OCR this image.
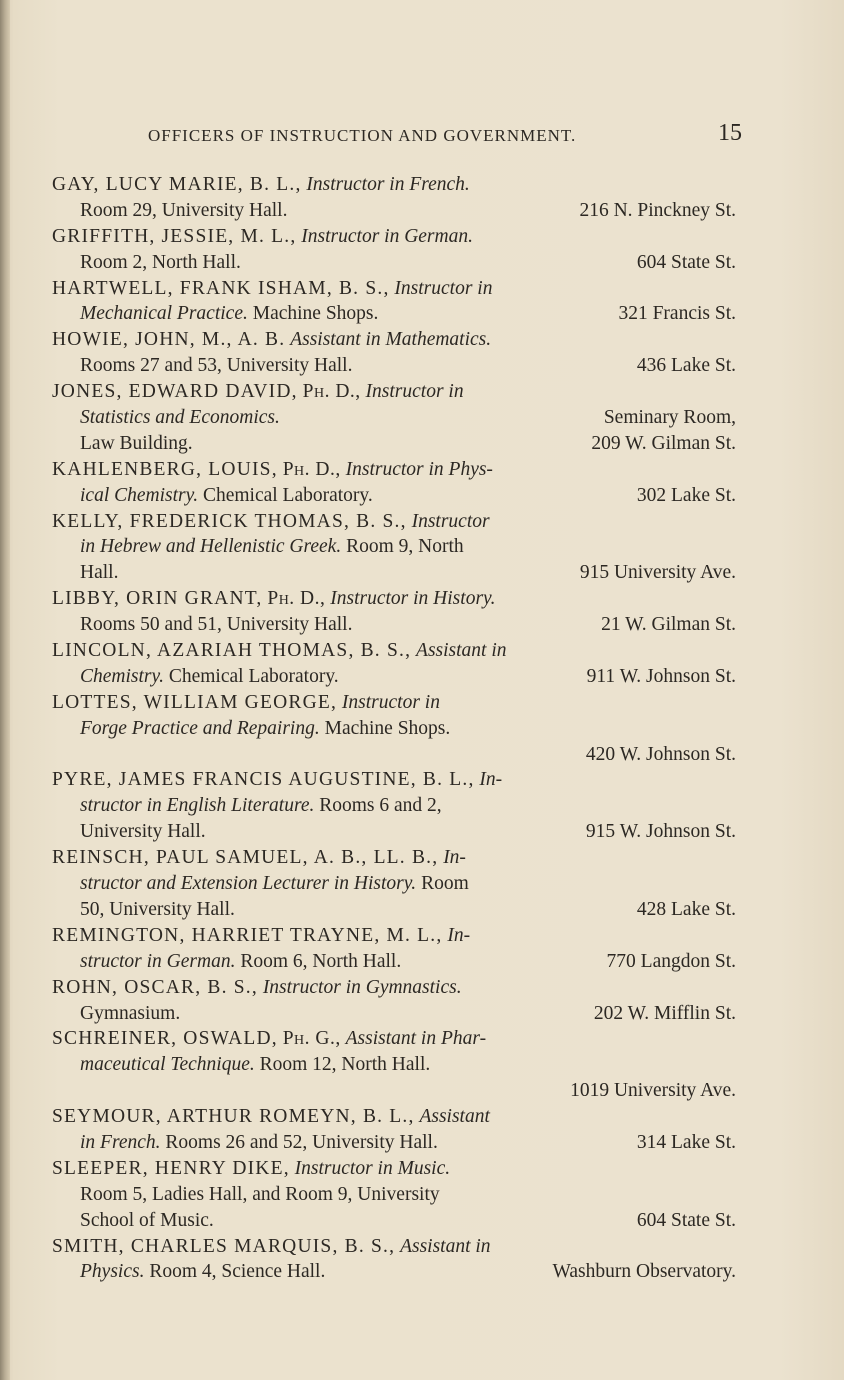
OFFICERS OF INSTRUCTION AND GOVERNMENT.	15
GAY, LUCY MARIE, B. L., Instructor in French.
Room 29, University Hall.	216 N. Pinckney St.
GRIFFITH, JESSIE, M. L., Instructor in German.
Room 2, North Hall.	604 State St.
HARTWELL, FRANK ISHAM, B. S., Instructor in
Mechanical Practice. Machine Shops.	321 Francis St.
HOWIE, JOHN, M., A. B. Assistant in Mathematics.
Rooms 27 and 53, University Hall.	436 Lake St.
JONES, EDWARD DAVID, Ph. D., Instructor in
Statistics and Economics.	Seminary Room,
Law Building.	209 W. Gilman St.
KAHLENBERG, LOUIS, Ph. D., Instructor in Phys-
ical Chemistry. Chemical Laboratory.	302 Lake St.
KELLY, FREDERICK THOMAS, B. S., Instructor
in Hebrew and Hellenistic Greek. Room 9, North
Hall.	915 University Ave.
LIBBY, ORIN GRANT, Ph. D., Instructor in History.
Rooms 50 and 51, University Hall.	21 W. Gilman St.
LINCOLN, AZARIAH THOMAS, B. S., Assistant in
Chemistry. Chemical Laboratory.	911 W. Johnson St.
LOTTES, WILLIAM GEORGE, Instructor in
Forge Practice and Repairing. Machine Shops.
420 W. Johnson St.
PYRE, JAMES FRANCIS AUGUSTINE, B. L., In-
structor in English Literature. Rooms 6 and 2,
University Hall.	915 W. Johnson St.
REINSCH, PAUL SAMUEL, A. B., LL. B., In-
structor and Extension Lecturer in History. Room
50, University Hall.	428 Lake St.
REMINGTON, HARRIET TRAYNE, M. L., In-
structor in German. Room 6, North Hall.	770 Langdon St.
ROHN, OSCAR, B. S., Instructor in Gymnastics.
Gymnasium.	202 W. Mifflin St.
SCHREINER, OSWALD, Ph. G., Assistant in Phar-
maceutical Technique. Room 12, North Hall.
1019 University Ave.
SEYMOUR, ARTHUR ROMEYN, B. L., Assistant
in French. Rooms 26 and 52, University Hall.	314 Lake St.
SLEEPER, HENRY DIKE, Instructor in Music.
Room 5, Ladies Hall, and Room 9, University
School of Music.	604 State St.
SMITH, CHARLES MARQUIS, B. S., Assistant in
Physics. Room 4, Science Hall.	Washburn Observatory.
